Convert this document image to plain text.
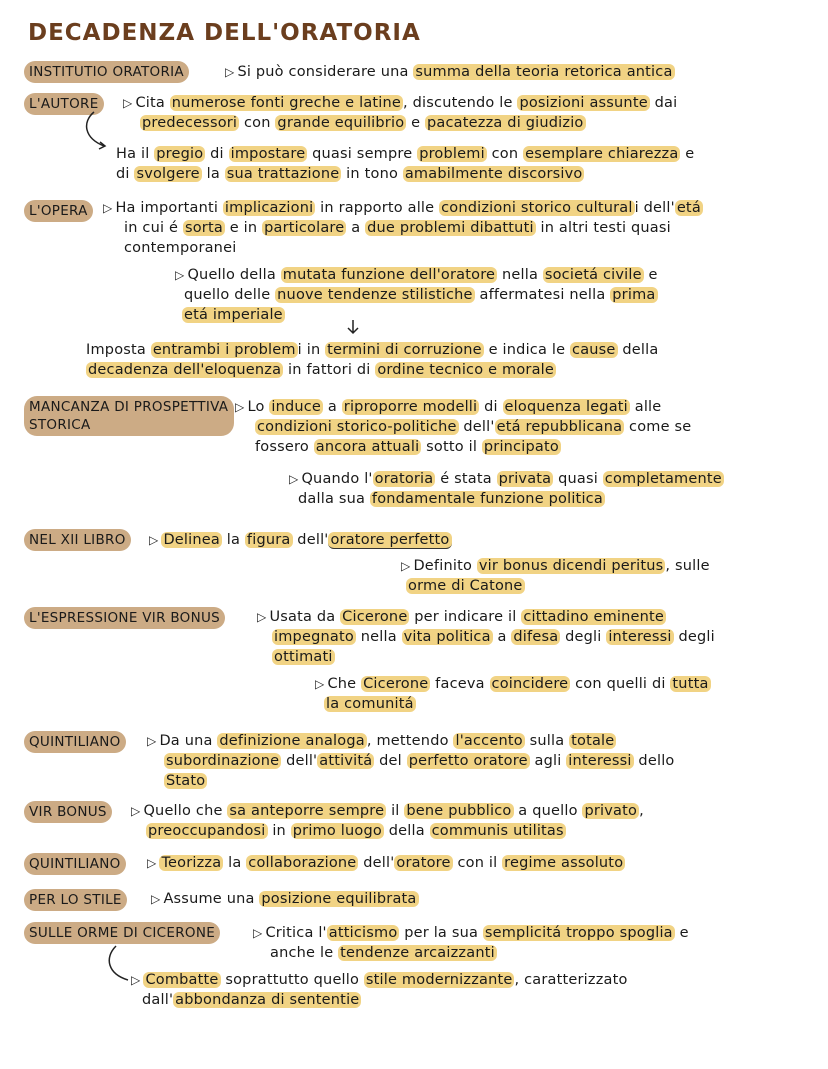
DECADENZA DELL'ORATORIA
INSTITUTIO ORATORIA
L'AUTORE
L'OPERA
MANCANZA DI PROSPETTIVA STORICA
NEL XII LIBRO
L'ESPRESSIONE VIR BONUS
QUINTILIANO
VIR BONUS
QUINTILIANO
PER LO STILE
SULLE ORME DI CICERONE
▷ Si può considerare una summa della teoria retorica antica
▷ Cita numerose fonti greche e latine , discutendo le posizioni assunte dai
predecessori con grande equilibrio e pacatezza di giudizio
Ha il pregio di impostare quasi sempre problemi con esemplare chiarezza e
di svolgere la sua trattazione in tono amabilmente discorsivo
▷ Ha importanti implicazioni in rapporto alle condizioni storico cultural i dell' etá
in cui é sorta e in particolare a due problemi dibattuti in altri testi quasi
contemporanei
▷ Quello della mutata funzione dell'oratore nella societá civile e
quello delle nuove tendenze stilistiche affermatesi nella prima
etá imperiale
Imposta entrambi i problem i in termini di corruzione e indica le cause della
decadenza dell'eloquenza in fattori di ordine tecnico e morale
▷ Lo induce a riproporre modelli di eloquenza legati alle
condizioni storico-politiche dell' etá repubblicana come se
fossero ancora attuali sotto il principato
▷ Quando l' oratoria é stata privata quasi completamente
dalla sua fondamentale funzione politica
▷ Delinea la figura dell' oratore perfetto
▷ Definito vir bonus dicendi peritus , sulle
orme di Catone
▷ Usata da Cicerone per indicare il cittadino eminente
impegnato nella vita politica a difesa degli interessi degli
ottimati
▷ Che Cicerone faceva coincidere con quelli di tutta
la comunitá
▷ Da una definizione analoga , mettendo l'accento sulla totale
subordinazione dell' attivitá del perfetto oratore agli interessi dello
Stato
▷ Quello che sa anteporre sempre il bene pubblico a quello privato ,
preoccupandosi in primo luogo della communis utilitas
▷ Teorizza la collaborazione dell' oratore con il regime assoluto
▷ Assume una posizione equilibrata
▷ Critica l' atticismo per la sua semplicitá troppo spoglia e
anche le tendenze arcaizzanti
▷ Combatte soprattutto quello stile modernizzante , caratterizzato
dall' abbondanza di sententie
